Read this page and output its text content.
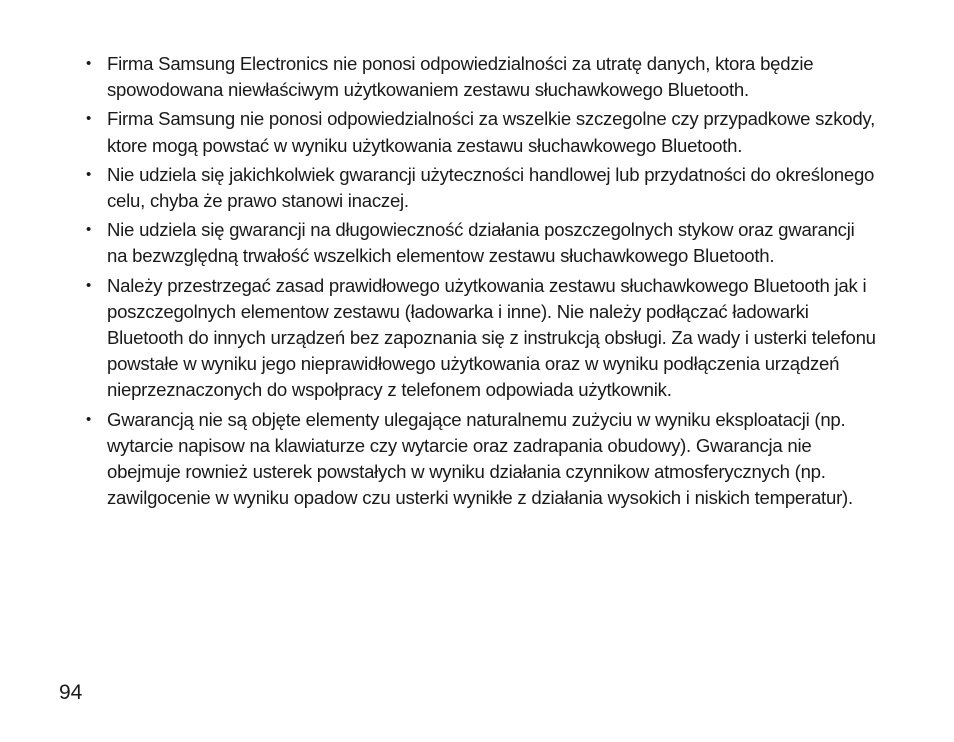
• Firma Samsung Electronics nie ponosi odpowiedzialności za utratę danych, ktora będzie spowodowana niewłaściwym użytkowaniem zestawu słuchawkowego Bluetooth.
• Firma Samsung nie ponosi odpowiedzialności za wszelkie szczegolne czy przypadkowe szkody, ktore mogą powstać w wyniku użytkowania zestawu słuchawkowego Bluetooth.
• Nie udziela się jakichkolwiek gwarancji użyteczności handlowej lub przydatności do określonego celu, chyba że prawo stanowi inaczej.
• Nie udziela się gwarancji na długowieczność działania poszczegolnych stykow oraz gwarancji na bezwzględną trwałość wszelkich elementow zestawu słuchawkowego Bluetooth.
• Należy przestrzegać zasad prawidłowego użytkowania zestawu słuchawkowego Bluetooth jak i poszczegolnych elementow zestawu (ładowarka i inne). Nie należy podłączać ładowarki Bluetooth do innych urządzeń bez zapoznania się z instrukcją obsługi. Za wady i usterki telefonu powstałe w wyniku jego nieprawidłowego użytkowania oraz w wyniku podłączenia urządzeń nieprzeznaczonych do wspołpracy z telefonem odpowiada użytkownik.
• Gwarancją nie są objęte elementy ulegające naturalnemu zużyciu w wyniku eksploatacji (np. wytarcie napisow na klawiaturze czy wytarcie oraz zadrapania obudowy). Gwarancja nie obejmuje rownież usterek powstałych w wyniku działania czynnikow atmosferycznych (np. zawilgocenie w wyniku opadow czu usterki wynikłe z działania wysokich i niskich temperatur).
94
